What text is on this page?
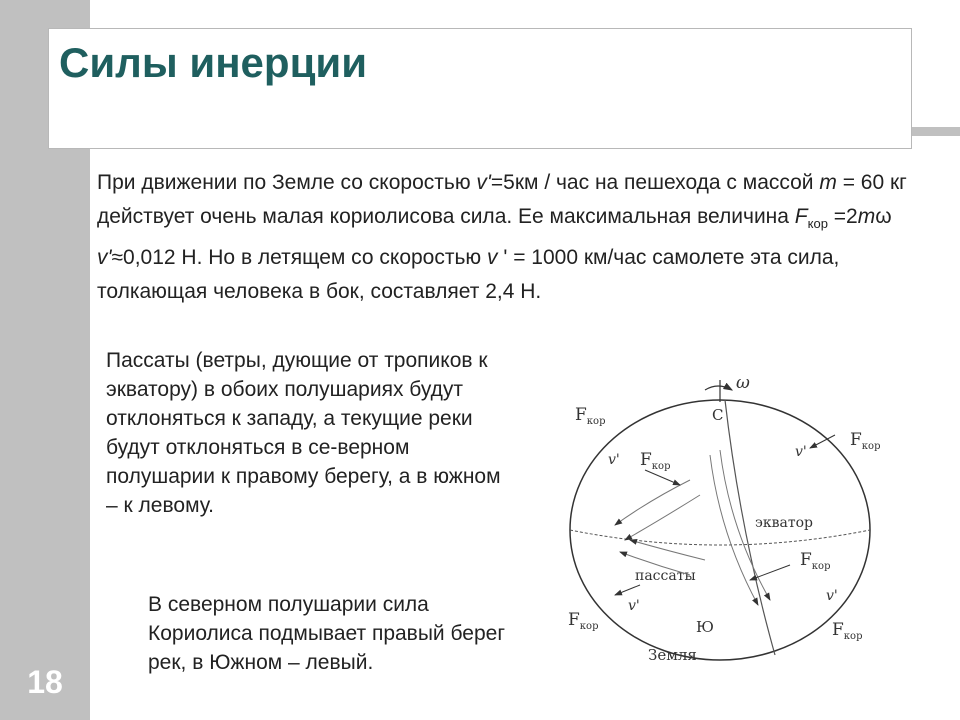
18
Силы инерции

При движении по Земле со скоростью v'=5км / час на пешехода с массой m = 60 кг действует очень малая кориолисова сила. Ее максимальная величина $F_{кор} =2m\omega$ v'≈0,012 Н. Но в летящем со скоростью v ' = 1000 км/час самолете эта сила, толкающая человека в бок, составляет 2,4 Н.

Пассаты (ветры, дующие от тропиков к экватору) в обоих полушариях будут отклоняться к западу, а текущие реки будут отклоняться в се-верном полушарии к правому берегу, а в южном – к левому.

В северном полушарии сила Кориолиса подмывает правый берег рек, в Южном – левый.

ω
С
Ю
экватор
пассаты
Земля
$F_{кор}$
$F_{кор}$
$F_{кор}$
$F_{кор}$
$F_{кор}$	$F_{кор}$
v'	v'
v'
v'
